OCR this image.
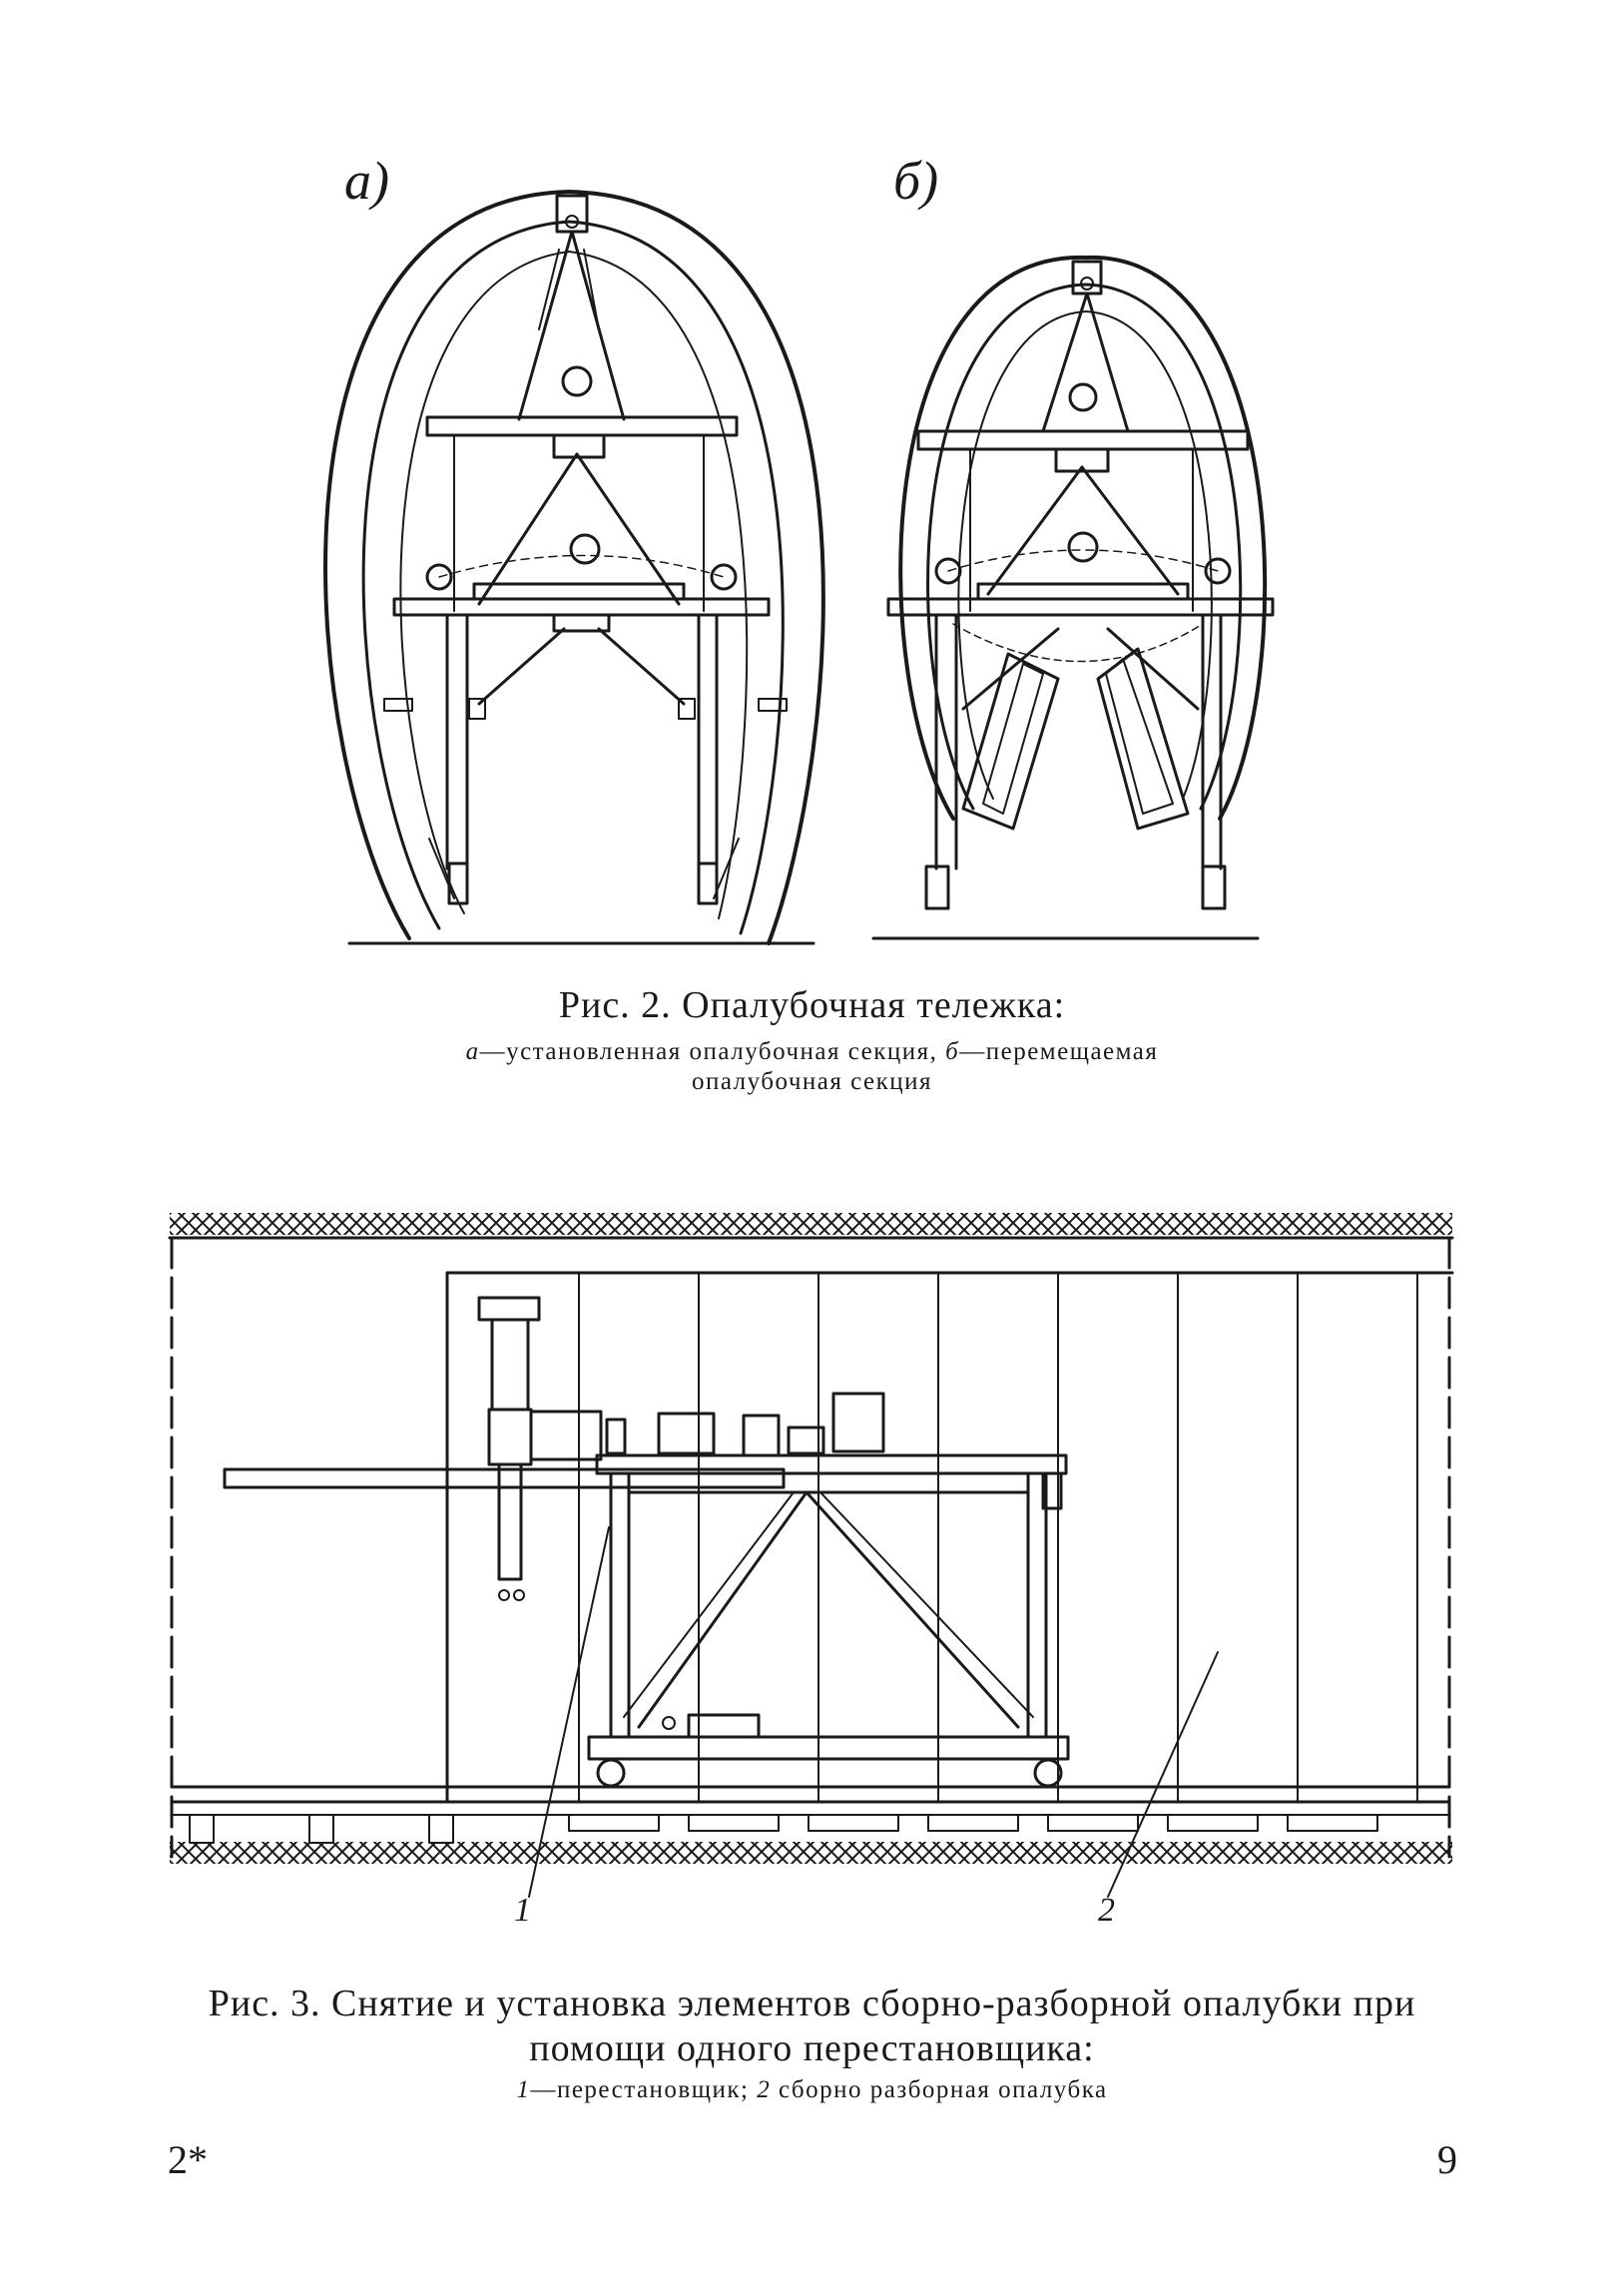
а)	б)
Рис. 2. Опалубочная тележка:
а—установленная опалубочная секция, б—перемещаемая
опалубочная секция
1	2
Рис. 3. Снятие и установка элементов сборно-разборной опалубки при
помощи одного перестановщика:
1—перестановщик; 2 сборно разборная опалубка
2*	9
